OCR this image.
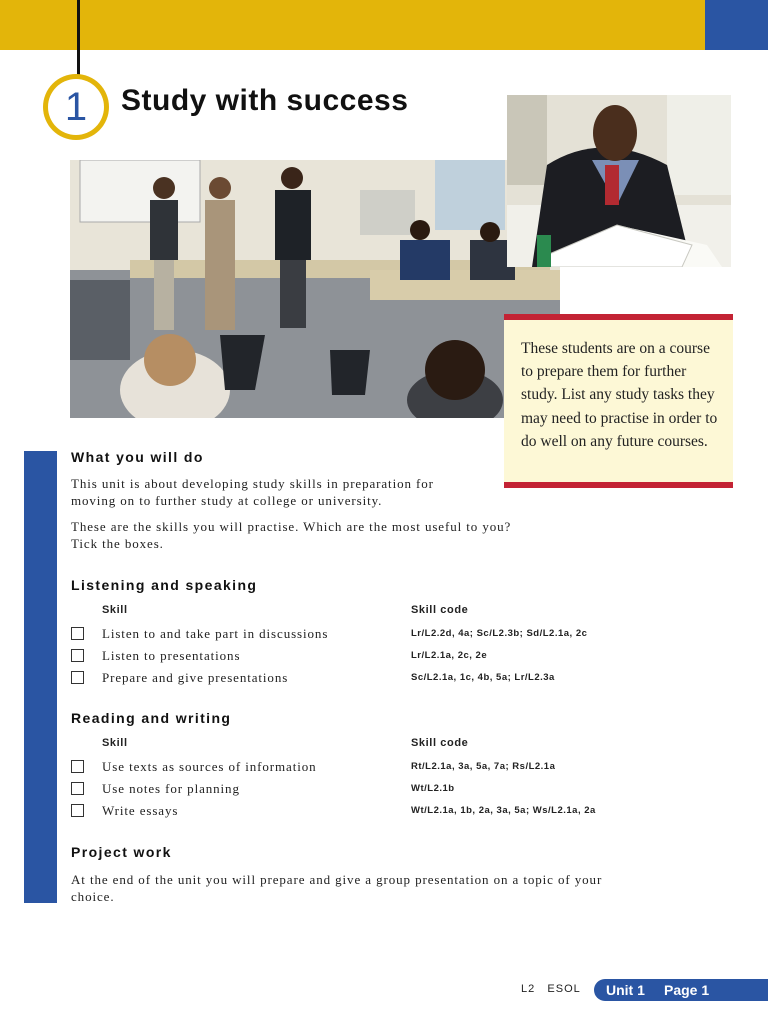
1	Study with success
These students are on a course to prepare them for further study. List any study tasks they may need to practise in order to do well on any future courses.
What you will do
This unit is about developing study skills in preparation for moving on to further study at college or university.
These are the skills you will practise. Which are the most useful to you? Tick the boxes.
Listening and speaking
Skill	Skill code
Listen to and take part in discussions	Lr/L2.2d, 4a; Sc/L2.3b; Sd/L2.1a, 2c
Listen to presentations	Lr/L2.1a, 2c, 2e
Prepare and give presentations	Sc/L2.1a, 1c, 4b, 5a; Lr/L2.3a
Reading and writing
Skill	Skill code
Use texts as sources of information	Rt/L2.1a, 3a, 5a, 7a; Rs/L2.1a
Use notes for planning	Wt/L2.1b
Write essays	Wt/L2.1a, 1b, 2a, 3a, 5a; Ws/L2.1a, 2a
Project work
At the end of the unit you will prepare and give a group presentation on a topic of your choice.
L2 ESOL Unit 1 Page 1
